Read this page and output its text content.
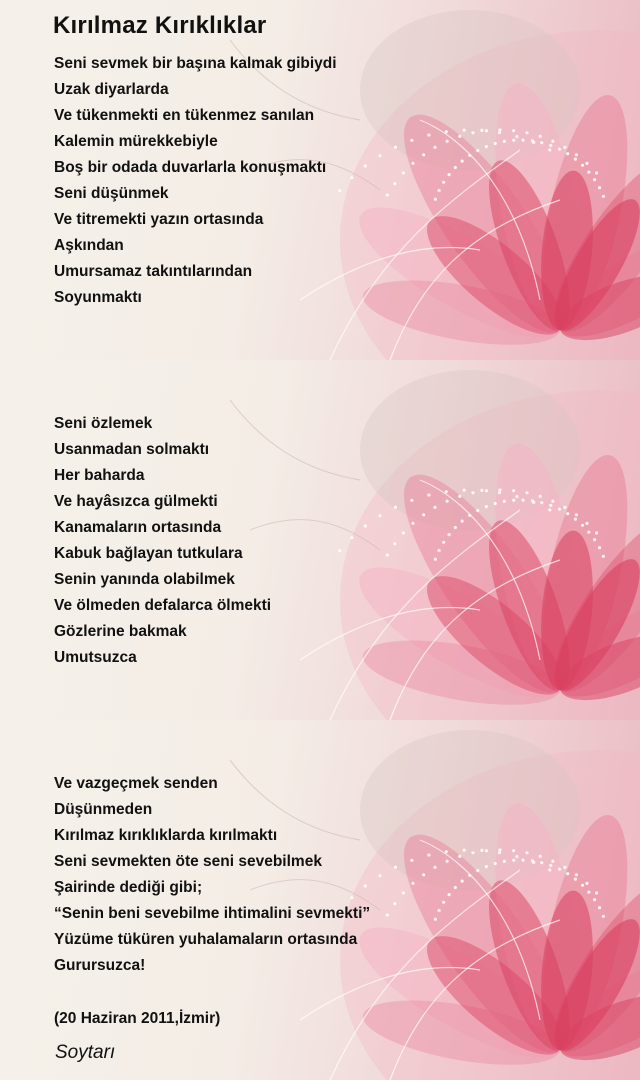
Kırılmaz Kırıklıklar
Seni sevmek bir başına kalmak gibiydi
Uzak diyarlarda
Ve tükenmekti en tükenmez sanılan
Kalemin mürekkebiyle
Boş bir odada duvarlarla konuşmaktı
Seni düşünmek
Ve titremekti yazın ortasında
Aşkından
Umursamaz takıntılarından
Soyunmaktı
Seni özlemek
Usanmadan solmaktı
Her baharda
Ve hayâsızca gülmekti
Kanamaların ortasında
Kabuk bağlayan tutkulara
Senin yanında olabilmek
Ve ölmeden defalarca ölmekti
Gözlerine bakmak
Umutsuzca
Ve vazgeçmek senden
Düşünmeden
Kırılmaz kırıklıklarda kırılmaktı
Seni sevmekten öte seni sevebilmek
Şairinde dediği gibi;
“Senin beni sevebilme ihtimalini sevmekti”
Yüzüme tüküren yuhalamaların ortasında
Gurursuzca!
(20 Haziran 2011,İzmir)
Soytarı
